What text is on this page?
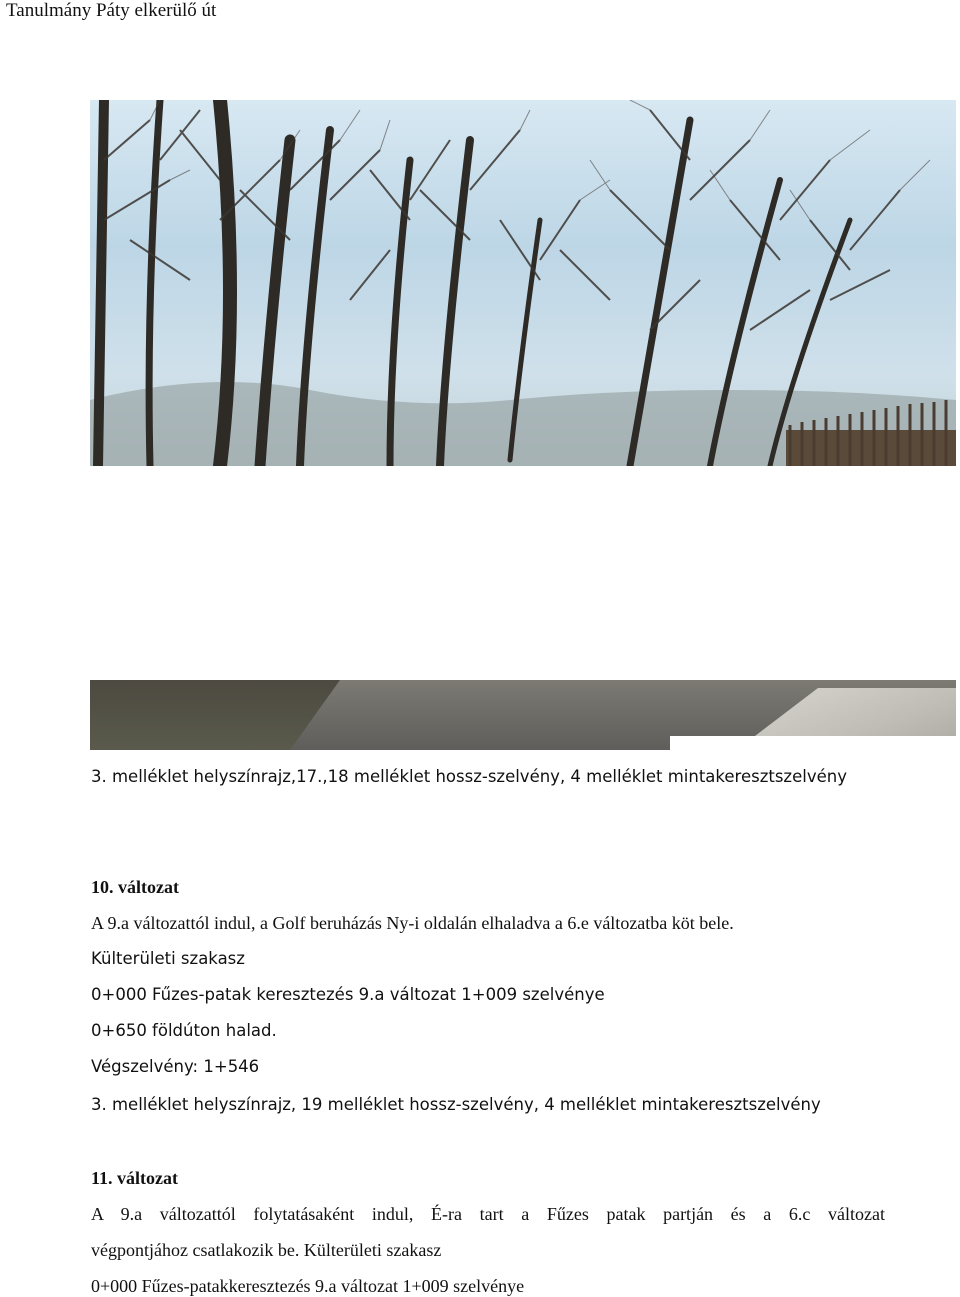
Tanulmány Páty elkerülő út
3. melléklet helyszínrajz,17.,18 melléklet hossz-szelvény, 4 melléklet mintakeresztszelvény
10. változat
A 9.a változattól indul, a Golf beruházás Ny-i oldalán elhaladva a 6.e változatba köt bele.
Külterületi szakasz
0+000 Fűzes-patak keresztezés 9.a változat 1+009 szelvénye
0+650 földúton halad.
Végszelvény: 1+546
3. melléklet helyszínrajz, 19 melléklet hossz-szelvény, 4 melléklet mintakeresztszelvény
11. változat
A 9.a változattól folytatásaként indul, É-ra tart a Fűzes patak partján és a 6.c változat
végpontjához csatlakozik be. Külterületi szakasz
0+000 Fűzes-patakkeresztezés 9.a változat 1+009 szelvénye
